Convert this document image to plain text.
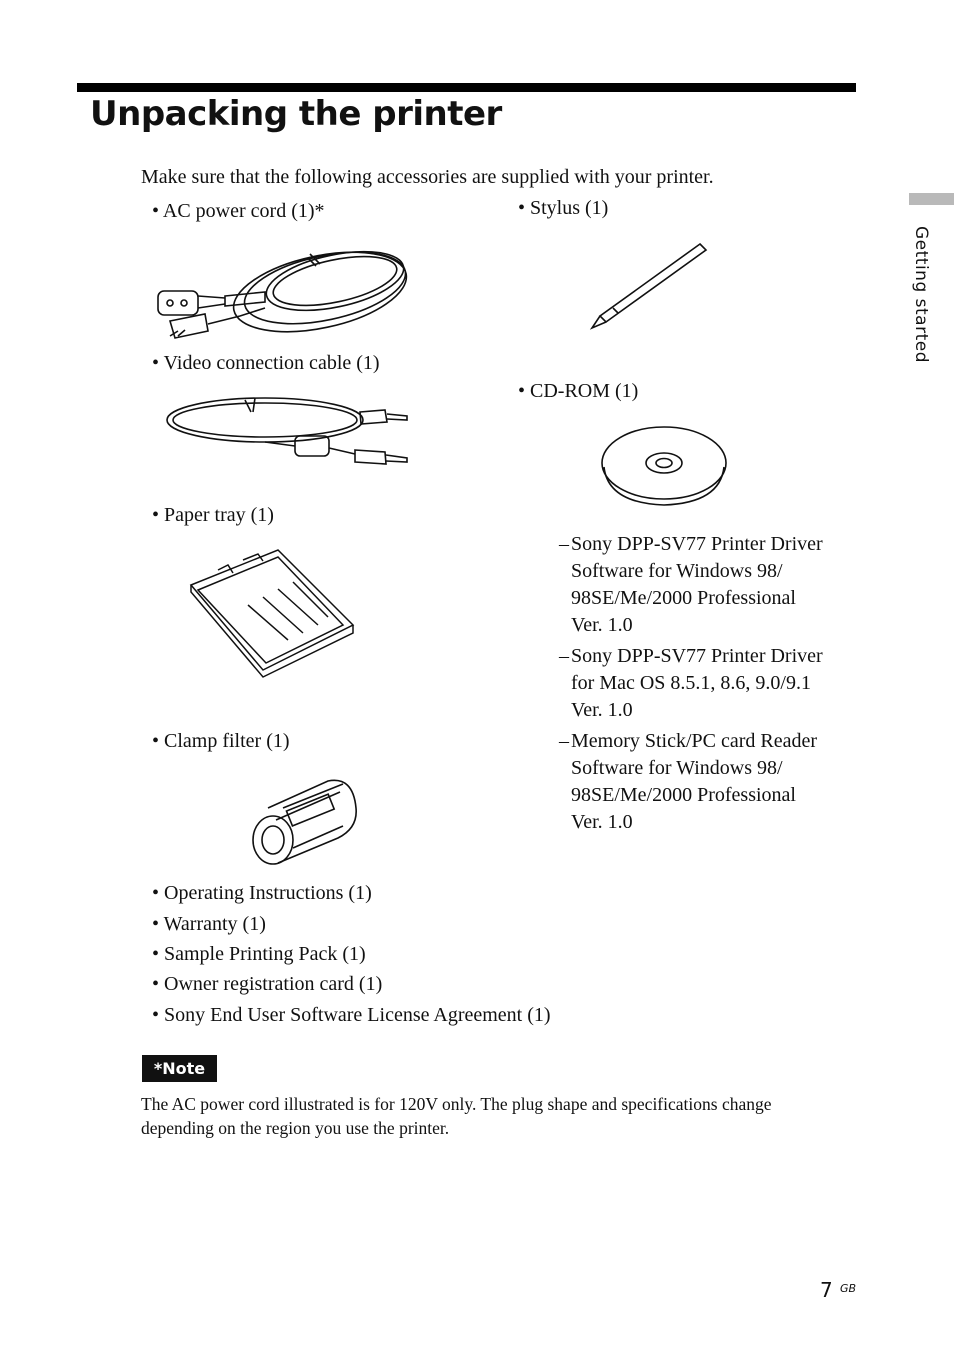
Unpacking the printer
Make sure that the following accessories are supplied with your printer.
• AC power cord (1)*
• Video connection cable (1)
• Paper tray (1)
• Clamp filter (1)
• Stylus (1)
• CD-ROM (1)
– Sony DPP-SV77 Printer Driver
Software for Windows 98/
98SE/Me/2000 Professional
Ver. 1.0
– Sony DPP-SV77 Printer Driver
for Mac OS 8.5.1, 8.6, 9.0/9.1
Ver. 1.0
– Memory Stick/PC card Reader
Software for Windows 98/
98SE/Me/2000 Professional
Ver. 1.0
• Operating Instructions (1)
• Warranty (1)
• Sample Printing Pack (1)
• Owner registration card (1)
• Sony End User Software License Agreement (1)
*Note
The AC power cord illustrated is for 120V only. The plug shape and specifications change depending on the region you use the printer.
Getting started
7 GB
